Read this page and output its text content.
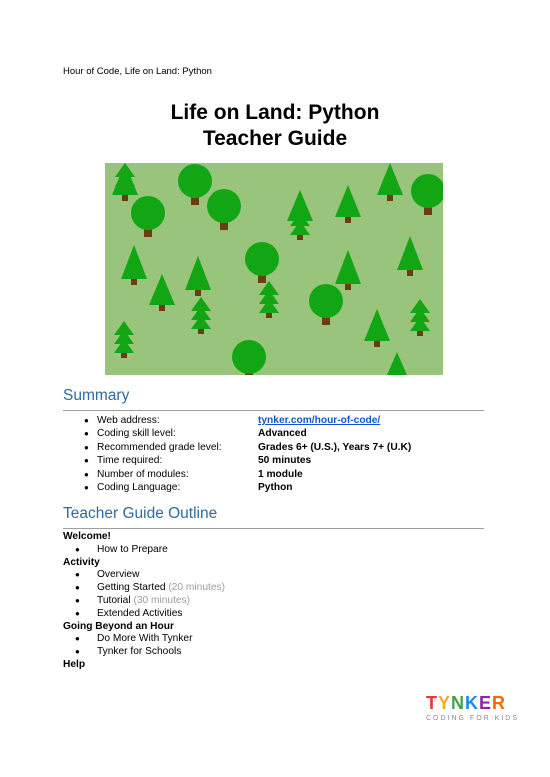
Hour of Code, Life on Land: Python
Life on Land: Python
Teacher Guide
Summary
● Web address:	tynker.com/hour-of-code/
● Coding skill level:	Advanced
● Recommended grade level:	Grades 6+ (U.S.), Years 7+ (U.K)
● Time required:	50 minutes
● Number of modules:	1 module
● Coding Language:	Python
Teacher Guide Outline
Welcome!
● How to Prepare
Activity
● Overview
● Getting Started (20 minutes)
● Tutorial (30 minutes)
● Extended Activities
Going Beyond an Hour
● Do More With Tynker
● Tynker for Schools
Help
TYNKER
CODING FOR KIDS
